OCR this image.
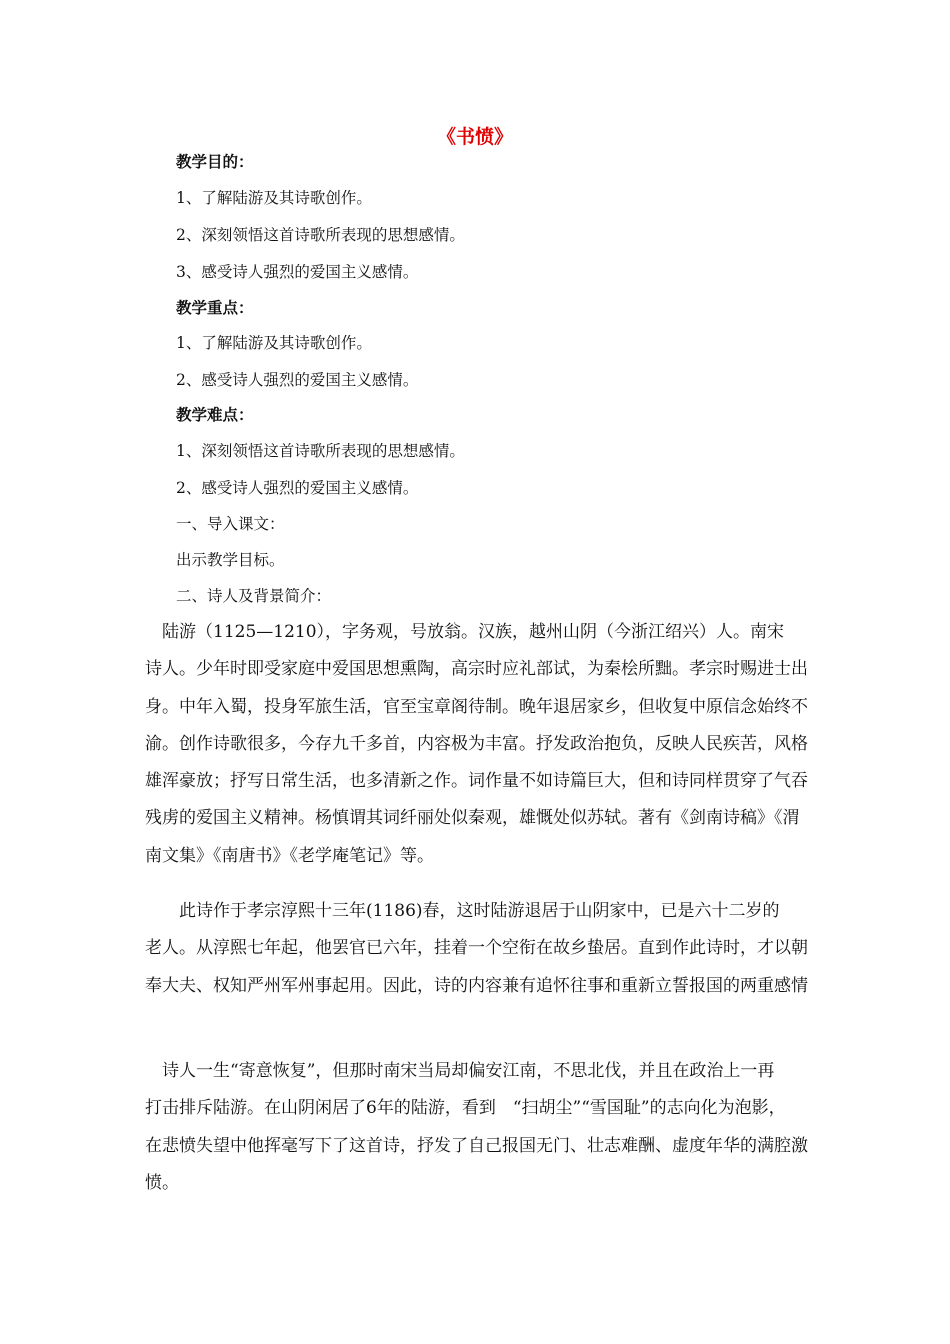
《书愤》
教学目的：
1、了解陆游及其诗歌创作。
2、深刻领悟这首诗歌所表现的思想感情。
3、感受诗人强烈的爱国主义感情。
教学重点：
1、了解陆游及其诗歌创作。
2、感受诗人强烈的爱国主义感情。
教学难点：
1、深刻领悟这首诗歌所表现的思想感情。
2、感受诗人强烈的爱国主义感情。
一、导入课文：
出示教学目标。
二、诗人及背景简介：
　陆游（1125—1210），字务观，号放翁。汉族，越州山阴（今浙江绍兴）人。南宋
诗人。少年时即受家庭中爱国思想熏陶，高宗时应礼部试，为秦桧所黜。孝宗时赐进士出
身。中年入蜀，投身军旅生活，官至宝章阁待制。晚年退居家乡，但收复中原信念始终不
渝。创作诗歌很多，今存九千多首，内容极为丰富。抒发政治抱负，反映人民疾苦，风格
雄浑豪放；抒写日常生活，也多清新之作。词作量不如诗篇巨大，但和诗同样贯穿了气吞
残虏的爱国主义精神。杨慎谓其词纤丽处似秦观，雄慨处似苏轼。著有《剑南诗稿》《渭
南文集》《南唐书》《老学庵笔记》等。
　　此诗作于孝宗淳熙十三年(1186)春，这时陆游退居于山阴家中，已是六十二岁的
老人。从淳熙七年起，他罢官已六年，挂着一个空衔在故乡蛰居。直到作此诗时，才以朝
奉大夫、权知严州军州事起用。因此，诗的内容兼有追怀往事和重新立誓报国的两重感情
　诗人一生“寄意恢复”，但那时南宋当局却偏安江南，不思北伐，并且在政治上一再
打击排斥陆游。在山阴闲居了6年的陆游，看到　“扫胡尘”“雪国耻”的志向化为泡影，
在悲愤失望中他挥毫写下了这首诗，抒发了自己报国无门、壮志难酬、虚度年华的满腔激
愤。
